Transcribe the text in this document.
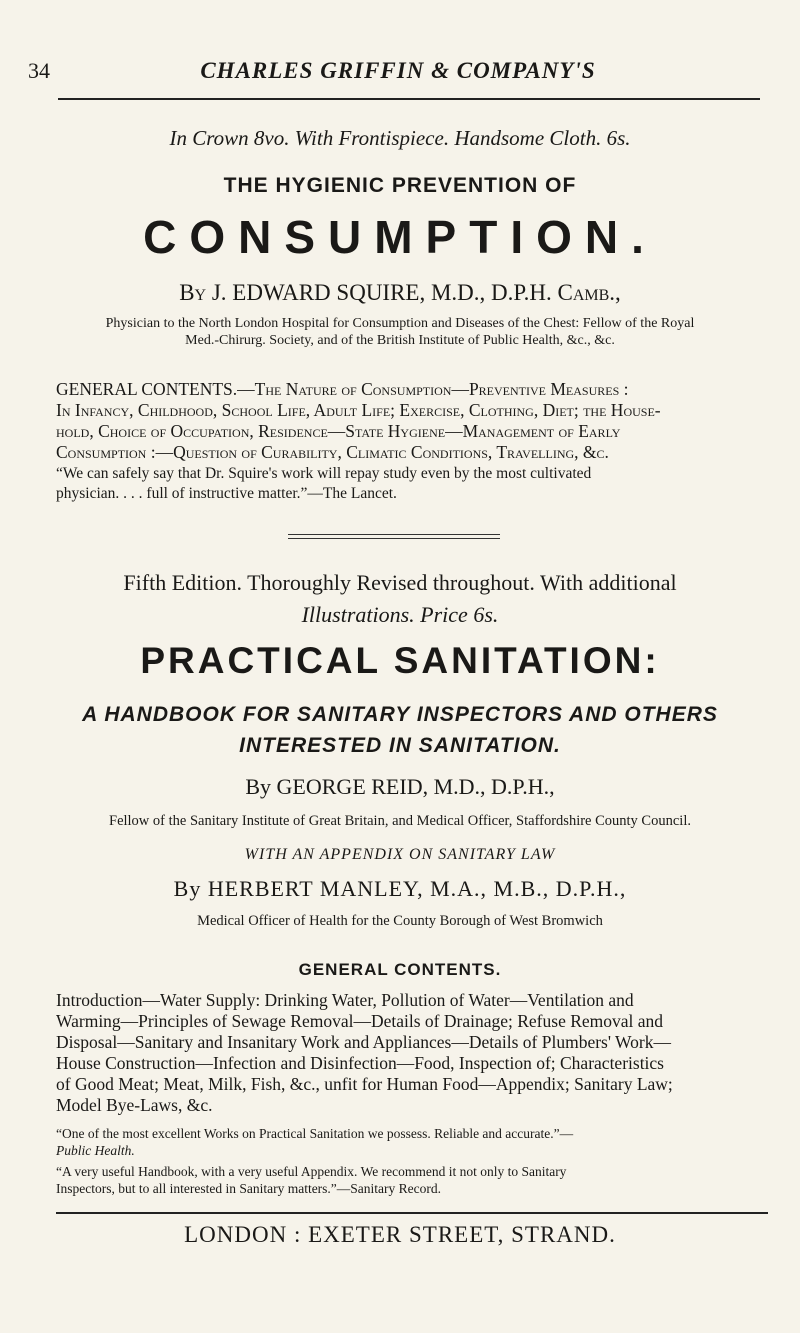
34	CHARLES GRIFFIN & COMPANY'S
In Crown 8vo. With Frontispiece. Handsome Cloth. 6s.
THE HYGIENIC PREVENTION OF
CONSUMPTION.
By J. EDWARD SQUIRE, M.D., D.P.H. Camb.,
Physician to the North London Hospital for Consumption and Diseases of the Chest: Fellow of the Royal
Med.-Chirurg. Society, and of the British Institute of Public Health, &c., &c.
GENERAL CONTENTS.—The Nature of Consumption—Preventive Measures :
In Infancy, Childhood, School Life, Adult Life; Exercise, Clothing, Diet; the House-
hold, Choice of Occupation, Residence—State Hygiene—Management of Early
Consumption :—Question of Curability, Climatic Conditions, Travelling, &c.
“We can safely say that Dr. Squire's work will repay study even by the most cultivated
physician. . . . full of instructive matter.”—The Lancet.
Fifth Edition. Thoroughly Revised throughout. With additional
Illustrations. Price 6s.
PRACTICAL SANITATION:
A HANDBOOK FOR SANITARY INSPECTORS AND OTHERS
INTERESTED IN SANITATION.
By GEORGE REID, M.D., D.P.H.,
Fellow of the Sanitary Institute of Great Britain, and Medical Officer, Staffordshire County Council.
WITH AN APPENDIX ON SANITARY LAW
By HERBERT MANLEY, M.A., M.B., D.P.H.,
Medical Officer of Health for the County Borough of West Bromwich
GENERAL CONTENTS.
Introduction—Water Supply: Drinking Water, Pollution of Water—Ventilation and
Warming—Principles of Sewage Removal—Details of Drainage; Refuse Removal and
Disposal—Sanitary and Insanitary Work and Appliances—Details of Plumbers' Work—
House Construction—Infection and Disinfection—Food, Inspection of; Characteristics
of Good Meat; Meat, Milk, Fish, &c., unfit for Human Food—Appendix; Sanitary Law;
Model Bye-Laws, &c.
“One of the most excellent Works on Practical Sanitation we possess. Reliable and accurate.”—
Public Health.
“A very useful Handbook, with a very useful Appendix. We recommend it not only to Sanitary
Inspectors, but to all interested in Sanitary matters.”—Sanitary Record.
LONDON : EXETER STREET, STRAND.
